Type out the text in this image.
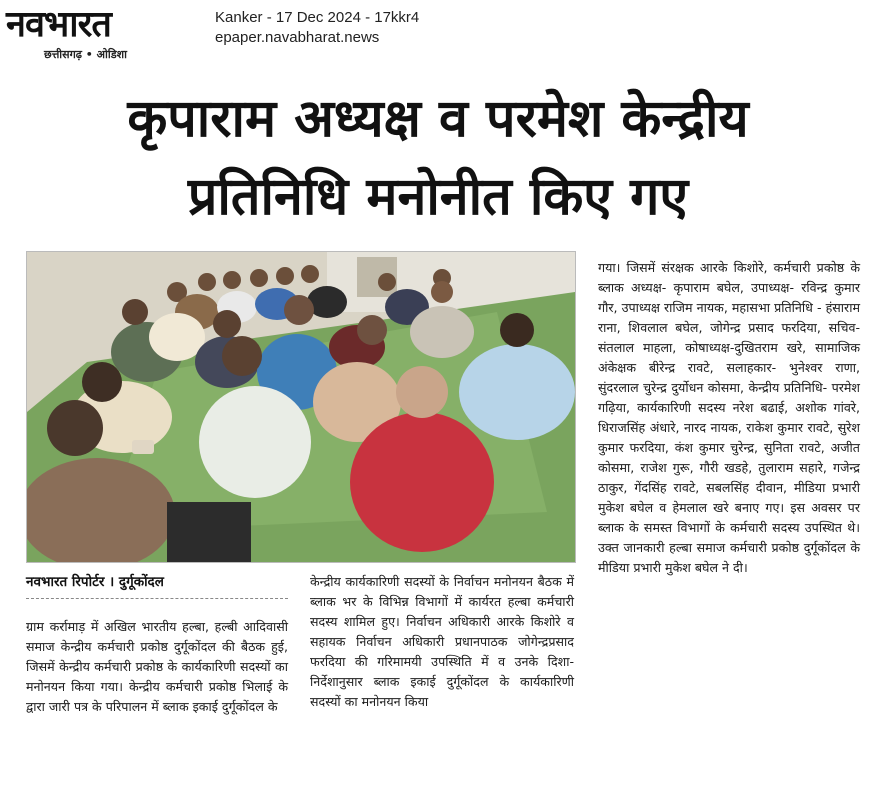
नवभारत
छत्तीसगढ़ • ओडिशा
Kanker - 17 Dec 2024 - 17kkr4
epaper.navabharat.news
कृपाराम अध्यक्ष व परमेश केन्द्रीय
प्रतिनिधि मनोनीत किए गए
नवभारत रिपोर्टर । दुर्गूकोंदल
ग्राम कर्रामाड़ में अखिल भारतीय हल्बा, हल्बी आदिवासी समाज केन्द्रीय कर्मचारी प्रकोष्ठ दुर्गूकोंदल की बैठक हुई, जिसमें केन्द्रीय कर्मचारी प्रकोष्ठ के कार्यकारिणी सदस्यों का मनोनयन किया गया। केन्द्रीय कर्मचारी प्रकोष्ठ भिलाई के द्वारा जारी पत्र के परिपालन में ब्लाक इकाई दुर्गूकोंदल के
केन्द्रीय कार्यकारिणी सदस्यों के निर्वाचन मनोनयन बैठक में ब्लाक भर के विभिन्न विभागों में कार्यरत हल्बा कर्मचारी सदस्य शामिल हुए। निर्वाचन अधिकारी आरके किशोरे व सहायक निर्वाचन अधिकारी प्रधानपाठक जोगेन्द्रप्रसाद फरदिया की गरिमामयी उपस्थिति में व उनके दिशा-निर्देशानुसार ब्लाक इकाई दुर्गूकोंदल के कार्यकारिणी सदस्यों का मनोनयन किया
गया। जिसमें संरक्षक आरके किशोरे, कर्मचारी प्रकोष्ठ के ब्लाक अध्यक्ष- कृपाराम बघेल, उपाध्यक्ष- रविन्द्र कुमार गौर, उपाध्यक्ष राजिम नायक, महासभा प्रतिनिधि - हंसाराम राना, शिवलाल बघेल, जोगेन्द्र प्रसाद फरदिया, सचिव- संतलाल माहला, कोषाध्यक्ष-दुखितराम खरे, सामाजिक अंकेक्षक बीरेन्द्र रावटे, सलाहकार- भुनेश्वर राणा, सुंदरलाल चुरेन्द्र दुर्योधन कोसमा, केन्द्रीय प्रतिनिधि- परमेश गढ़िया, कार्यकारिणी सदस्य नरेश बढाई, अशोक गांवरे, धिराजसिंह अंधारे, नारद नायक, राकेश कुमार रावटे, सुरेश कुमार फरदिया, कंश कुमार चुरेन्द्र, सुनिता रावटे, अजीत कोसमा, राजेश गुरू, गौरी खडहे, तुलाराम सहारे, गजेन्द्र ठाकुर, गेंदसिंह रावटे, सबलसिंह दीवान, मीडिया प्रभारी मुकेश बघेल व हेमलाल खरे बनाए गए। इस अवसर पर ब्लाक के समस्त विभागों के कर्मचारी सदस्य उपस्थित थे। उक्त जानकारी हल्बा समाज कर्मचारी प्रकोष्ठ दुर्गूकोंदल के मीडिया प्रभारी मुकेश बघेल ने दी।
